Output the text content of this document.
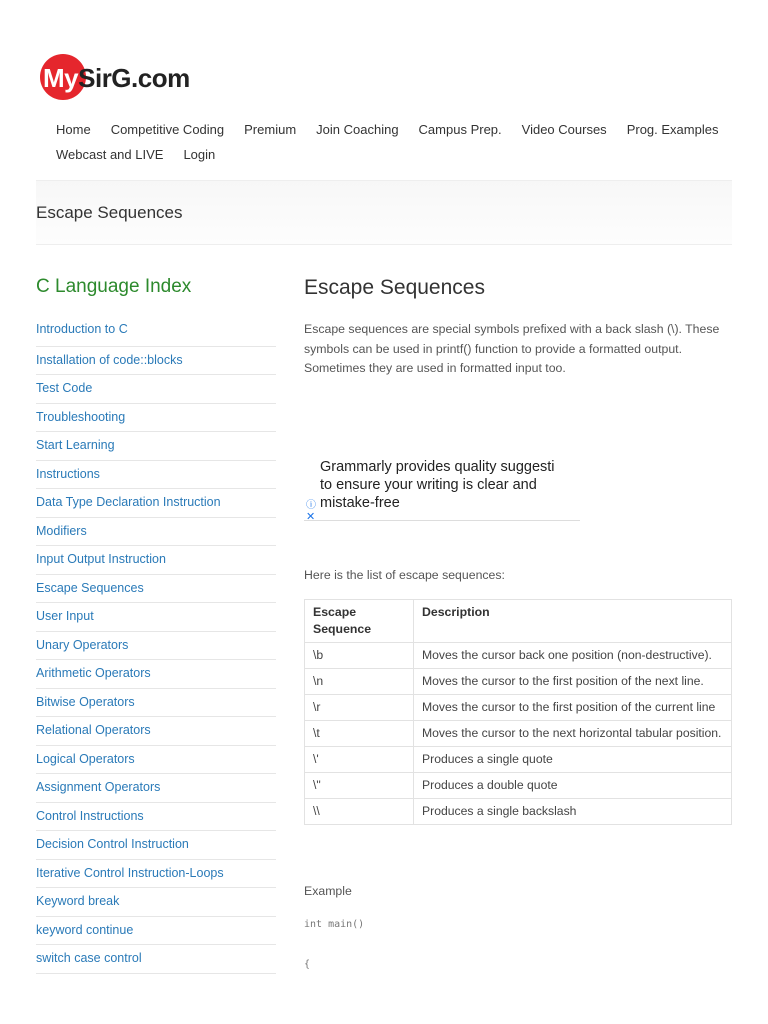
MySirG.com
Home Competitive Coding Premium Join Coaching Campus Prep. Video Courses Prog. Examples
Webcast and LIVE Login
Escape Sequences
C Language Index
Introduction to C
Installation of code::blocks
Test Code
Troubleshooting
Start Learning
Instructions
Data Type Declaration Instruction
Modifiers
Input Output Instruction
Escape Sequences
User Input
Unary Operators
Arithmetic Operators
Bitwise Operators
Relational Operators
Logical Operators
Assignment Operators
Control Instructions
Decision Control Instruction
Iterative Control Instruction-Loops
Keyword break
keyword continue
switch case control
Escape Sequences

Escape sequences are special symbols prefixed with a back slash (\). These symbols can be used in printf() function to provide a formatted output. Sometimes they are used in formatted input too.

Grammarly provides quality suggesti
to ensure your writing is clear and
mistake-free
ⓘ
✕
Here is the list of escape sequences:
Escape Sequence	Description
\b	Moves the cursor back one position (non-destructive).
\n	Moves the cursor to the first position of the next line.
\r	Moves the cursor to the first position of the current line
\t	Moves the cursor to the next horizontal tabular position.
\'	Produces a single quote
\"	Produces a double quote
\\	Produces a single backslash
Example
int main()
{
